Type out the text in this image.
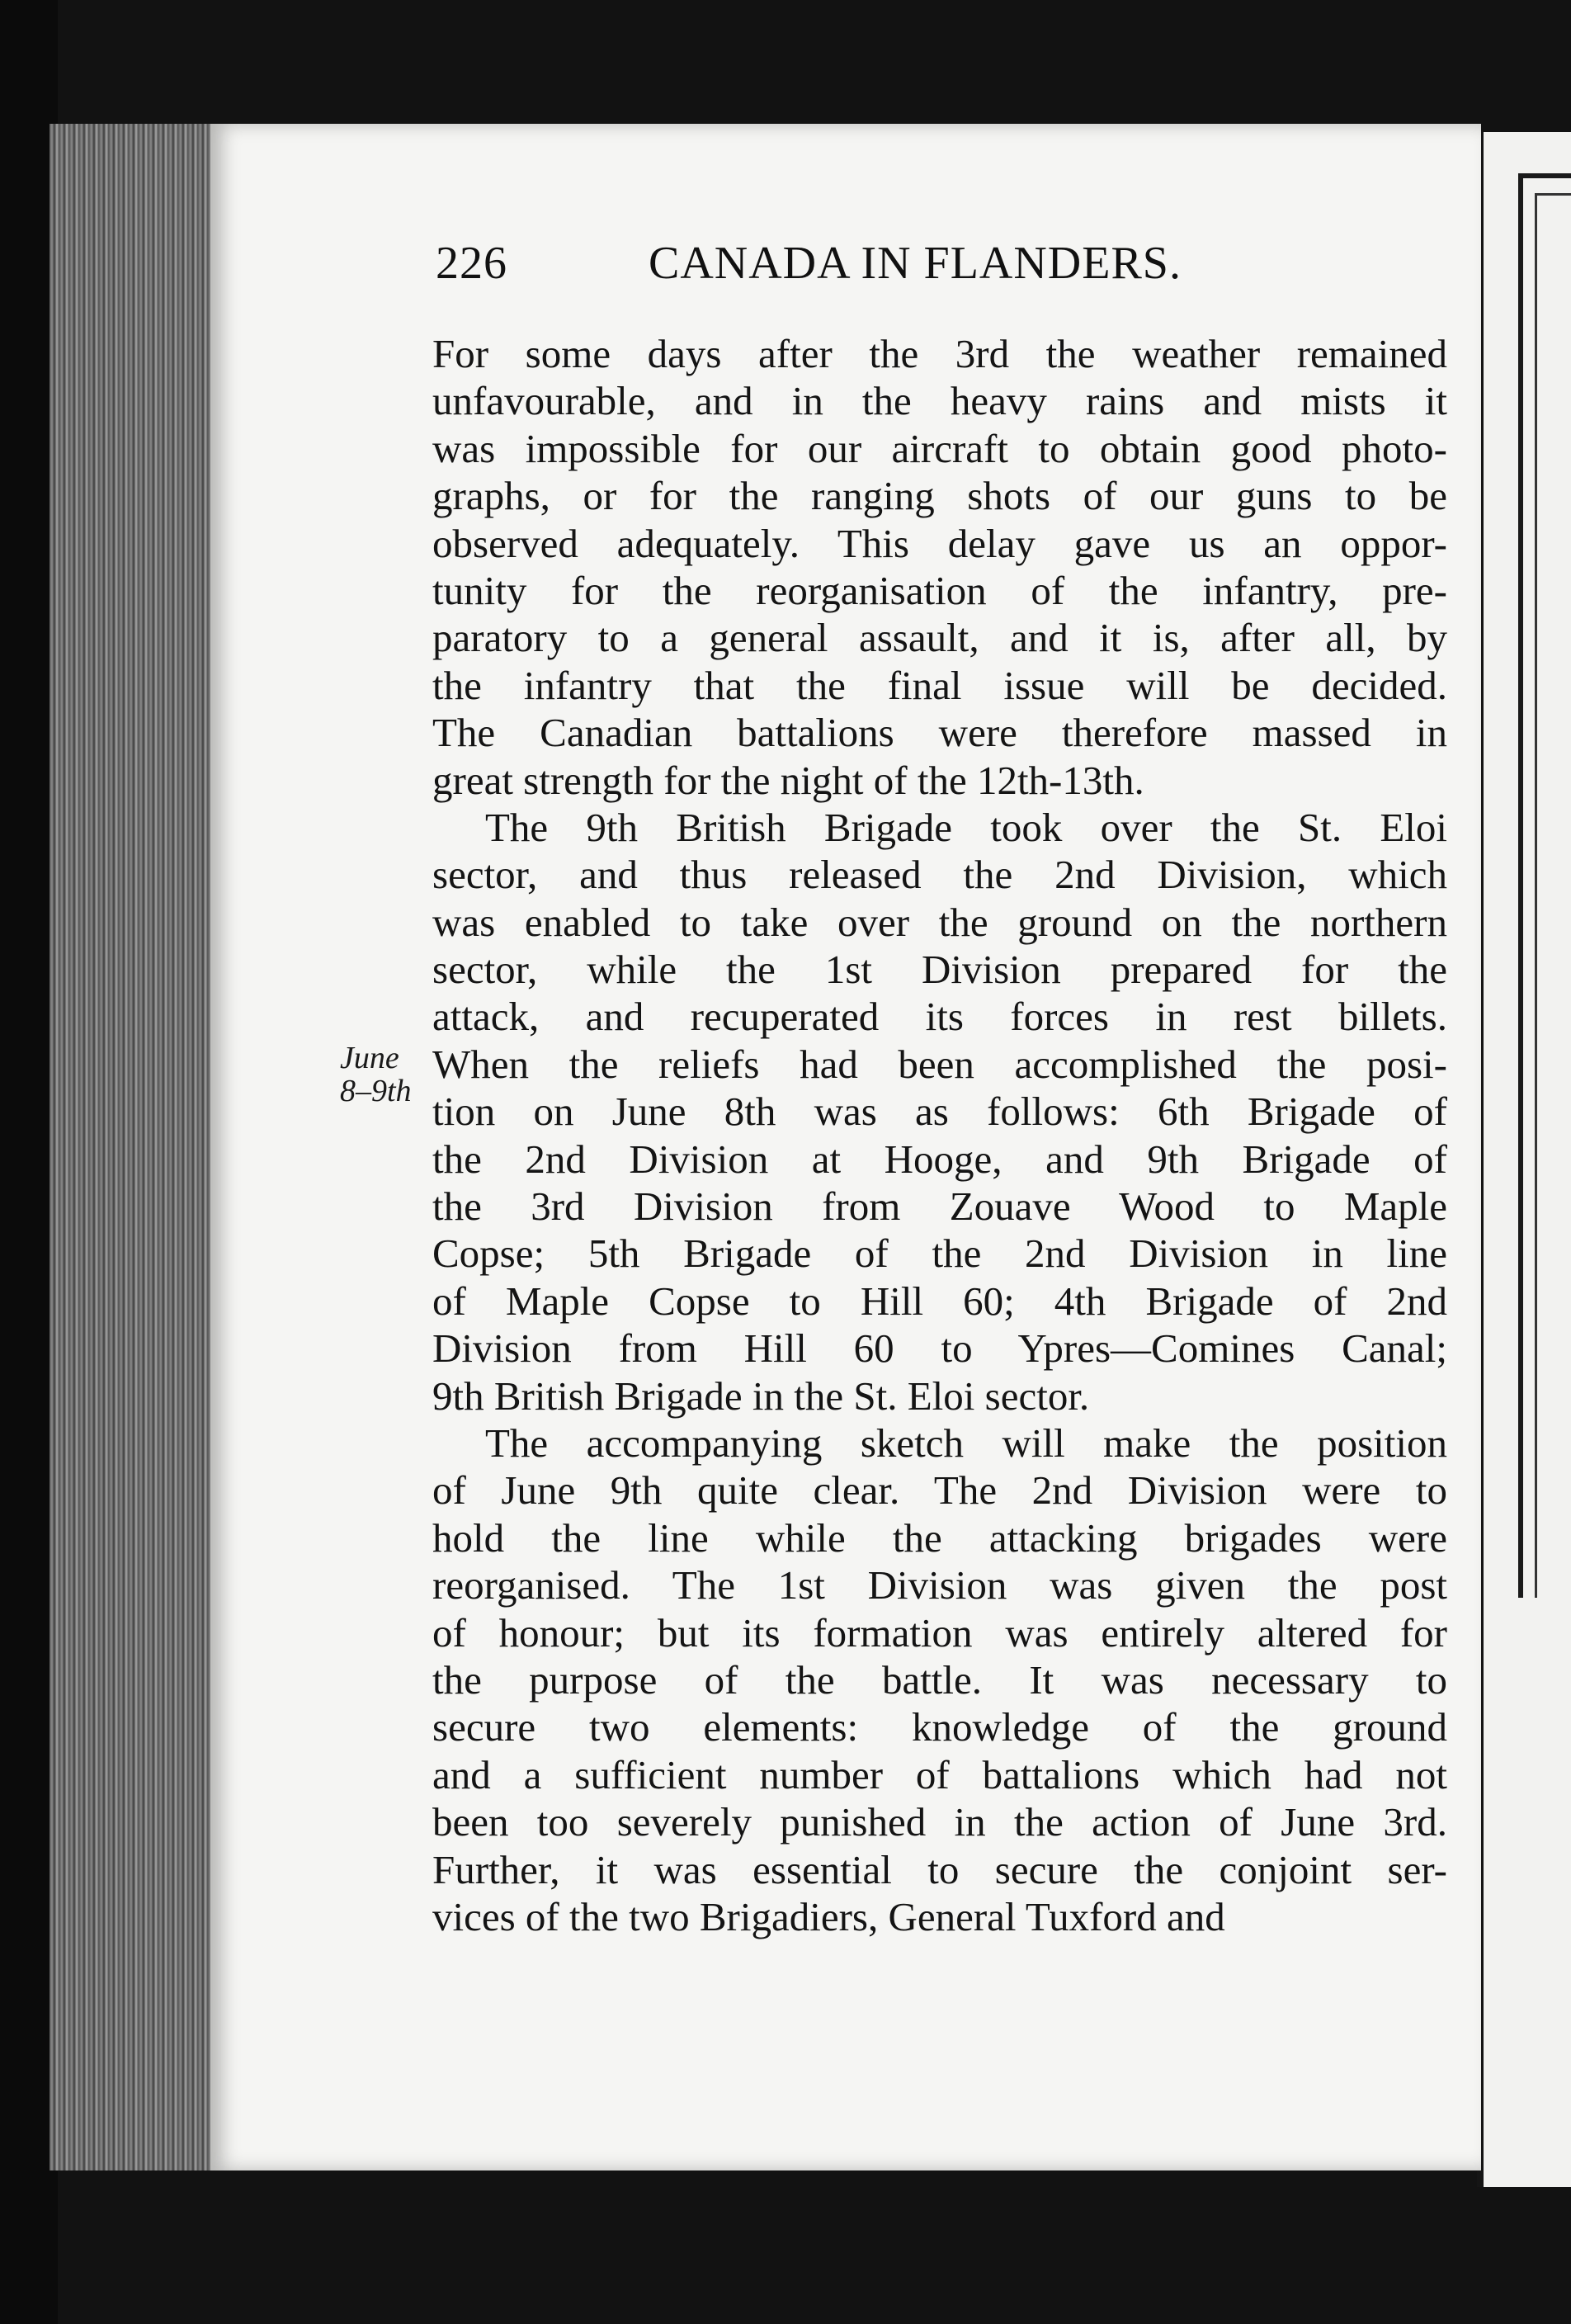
226	CANADA IN FLANDERS.
June
8–9th
For some days after the 3rd the weather remained
unfavourable, and in the heavy rains and mists it
was impossible for our aircraft to obtain good photo-
graphs, or for the ranging shots of our guns to be
observed adequately. This delay gave us an oppor-
tunity for the reorganisation of the infantry, pre-
paratory to a general assault, and it is, after all, by
the infantry that the final issue will be decided.
The Canadian battalions were therefore massed in
great strength for the night of the 12th-13th.
The 9th British Brigade took over the St. Eloi
sector, and thus released the 2nd Division, which
was enabled to take over the ground on the northern
sector, while the 1st Division prepared for the
attack, and recuperated its forces in rest billets.
When the reliefs had been accomplished the posi-
tion on June 8th was as follows: 6th Brigade of
the 2nd Division at Hooge, and 9th Brigade of
the 3rd Division from Zouave Wood to Maple
Copse; 5th Brigade of the 2nd Division in line
of Maple Copse to Hill 60; 4th Brigade of 2nd
Division from Hill 60 to Ypres—Comines Canal;
9th British Brigade in the St. Eloi sector.
The accompanying sketch will make the position
of June 9th quite clear. The 2nd Division were to
hold the line while the attacking brigades were
reorganised. The 1st Division was given the post
of honour; but its formation was entirely altered for
the purpose of the battle. It was necessary to
secure two elements: knowledge of the ground
and a sufficient number of battalions which had not
been too severely punished in the action of June 3rd.
Further, it was essential to secure the conjoint ser-
vices of the two Brigadiers, General Tuxford and
